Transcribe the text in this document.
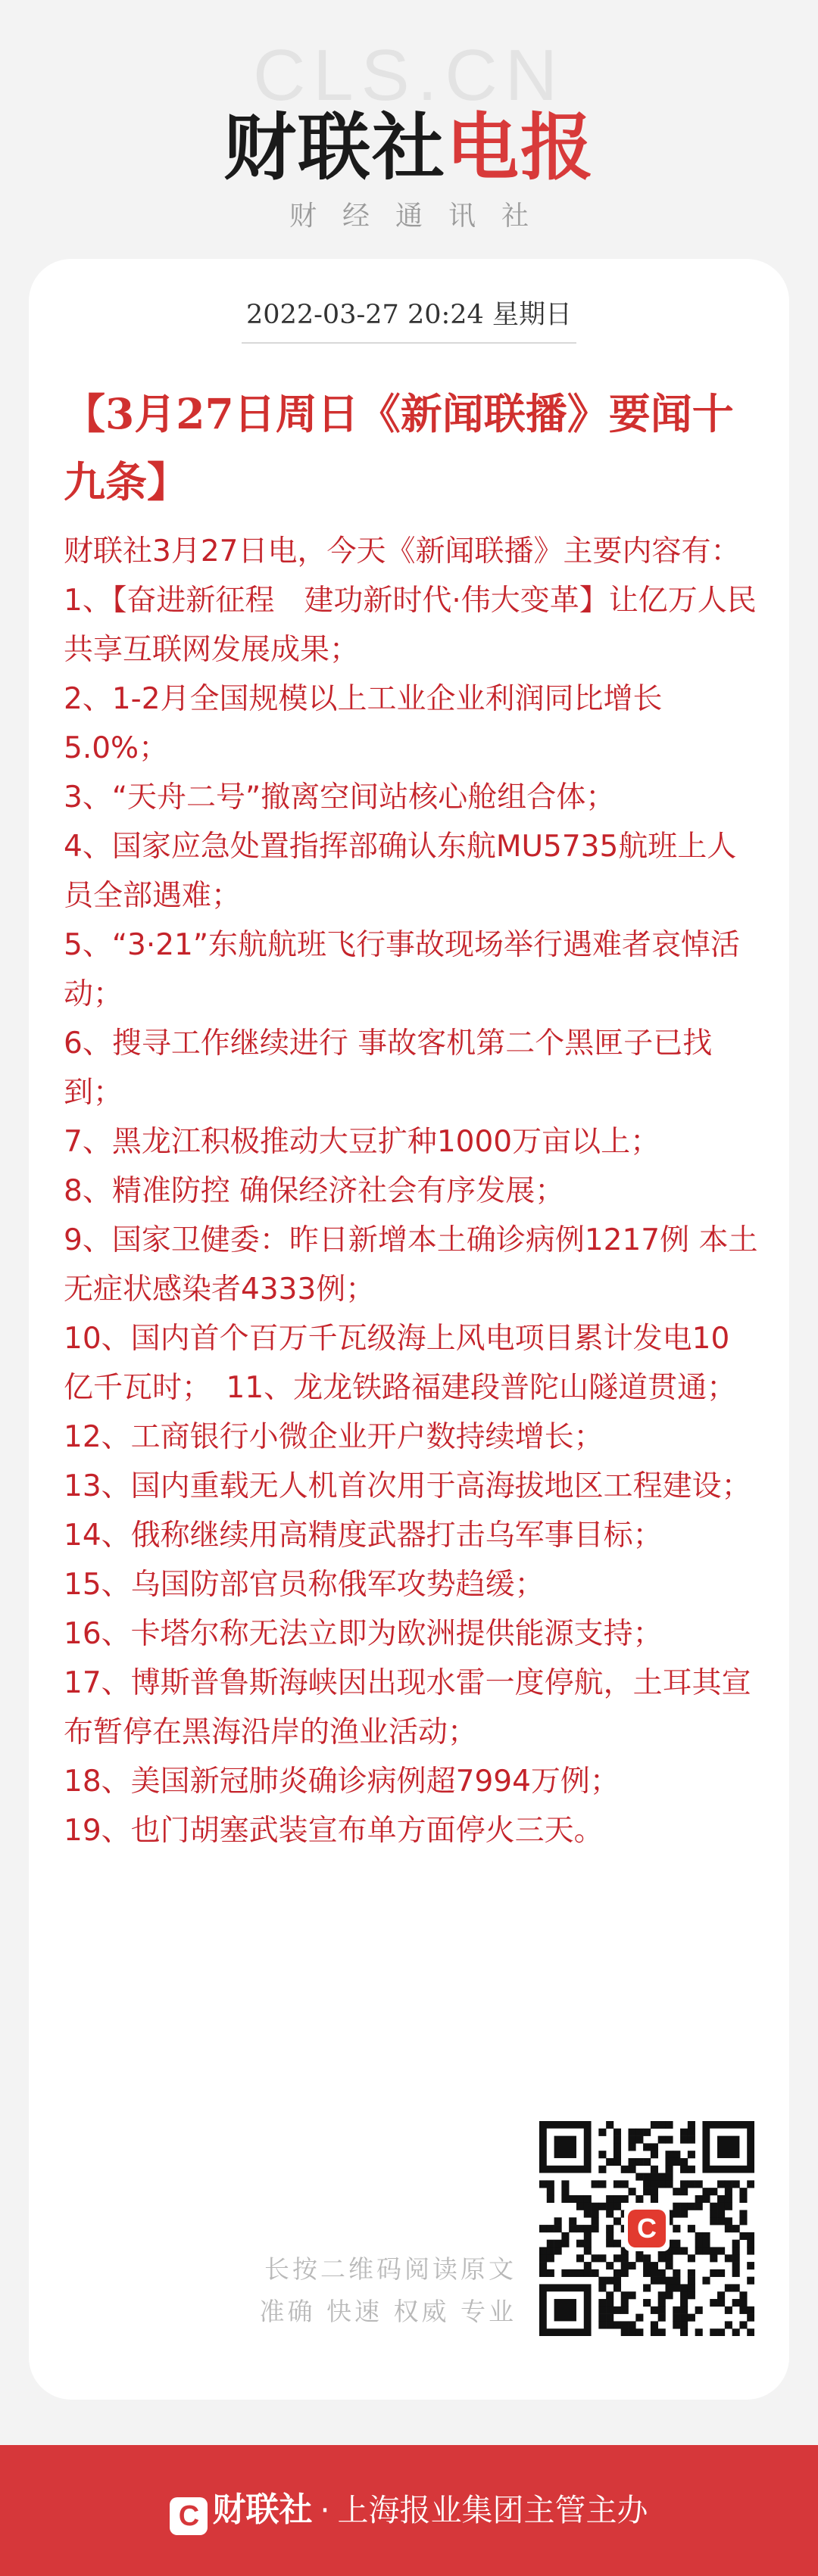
CLS.CN
财联社电报
财经通讯社
2022-03-27 20:24 星期日
【3月27日周日《新闻联播》要闻十九条】

财联社3月27日电，今天《新闻联播》主要内容有：

1、【奋进新征程　建功新时代·伟大变革】让亿万人民共享互联网发展成果；

2、1-2月全国规模以上工业企业利润同比增长5.0%；

3、“天舟二号”撤离空间站核心舱组合体；

4、国家应急处置指挥部确认东航MU5735航班上人员全部遇难；

5、“3·21”东航航班飞行事故现场举行遇难者哀悼活动；

6、搜寻工作继续进行 事故客机第二个黑匣子已找到；

7、黑龙江积极推动大豆扩种1000万亩以上；

8、精准防控 确保经济社会有序发展；

9、国家卫健委：昨日新增本土确诊病例1217例 本土无症状感染者4333例；

10、国内首个百万千瓦级海上风电项目累计发电10亿千瓦时；　11、龙龙铁路福建段普陀山隧道贯通；

12、工商银行小微企业开户数持续增长；

13、国内重载无人机首次用于高海拔地区工程建设；

14、俄称继续用高精度武器打击乌军事目标；

15、乌国防部官员称俄军攻势趋缓；

16、卡塔尔称无法立即为欧洲提供能源支持；

17、博斯普鲁斯海峡因出现水雷一度停航，土耳其宣布暂停在黑海沿岸的渔业活动；

18、美国新冠肺炎确诊病例超7994万例；

19、也门胡塞武装宣布单方面停火三天。

长按二维码阅读原文
准确 快速 权威 专业
C
C 财联社 · 上海报业集团主管主办
